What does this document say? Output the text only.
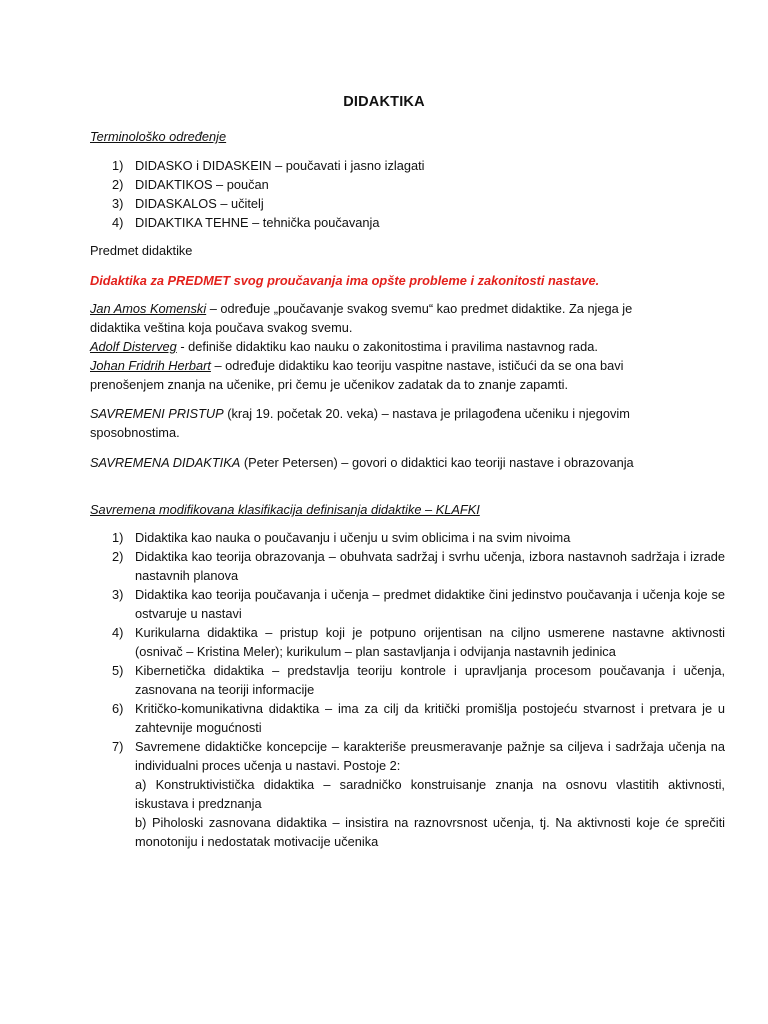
DIDAKTIKA
Terminološko određenje
1) DIDASKO i DIDASKEIN – poučavati i jasno izlagati
2) DIDAKTIKOS – poučan
3) DIDASKALOS – učitelj
4) DIDAKTIKA TEHNE – tehnička poučavanja
Predmet didaktike
Didaktika za PREDMET svog proučavanja ima opšte probleme i zakonitosti nastave.
Jan Amos Komenski – određuje „poučavanje svakog svemu“ kao predmet didaktike. Za njega je didaktika veština koja poučava svakog svemu.
Adolf Disterveg - definiše didaktiku kao nauku o zakonitostima i pravilima nastavnog rada.
Johan Fridrih Herbart – određuje didaktiku kao teoriju vaspitne nastave, ističući da se ona bavi prenošenjem znanja na učenike, pri čemu je učenikov zadatak da to znanje zapamti.
SAVREMENI PRISTUP (kraj 19. početak 20. veka) – nastava je prilagođena učeniku i njegovim sposobnostima.
SAVREMENA DIDAKTIKA (Peter Petersen) – govori o didaktici kao teoriji nastave i obrazovanja
Savremena modifikovana klasifikacija definisanja didaktike – KLAFKI
1) Didaktika kao nauka o poučavanju i učenju u svim oblicima i na svim nivoima
2) Didaktika kao teorija obrazovanja – obuhvata sadržaj i svrhu učenja, izbora nastavnoh sadržaja i izrade nastavnih planova
3) Didaktika kao teorija poučavanja i učenja – predmet didaktike čini jedinstvo poučavanja i učenja koje se ostvaruje u nastavi
4) Kurikularna didaktika – pristup koji je potpuno orijentisan na ciljno usmerene nastavne aktivnosti (osnivač – Kristina Meler); kurikulum – plan sastavljanja i odvijanja nastavnih jedinica
5) Kibernetička didaktika – predstavlja teoriju kontrole i upravljanja procesom poučavanja i učenja, zasnovana na teoriji informacije
6) Kritičko-komunikativna didaktika – ima za cilj da kritički promišlja postojeću stvarnost i pretvara je u zahtevnije mogućnosti
7) Savremene didaktičke koncepcije – karakteriše preusmeravanje pažnje sa ciljeva i sadržaja učenja na individualni proces učenja u nastavi. Postoje 2:
a) Konstruktivistička didaktika – saradničko konstruisanje znanja na osnovu vlastitih aktivnosti, iskustava i predznanja
b) Piholoski zasnovana didaktika – insistira na raznovrsnost učenja, tj. Na aktivnosti koje će sprečiti monotoniju i nedostatak motivacije učenika
